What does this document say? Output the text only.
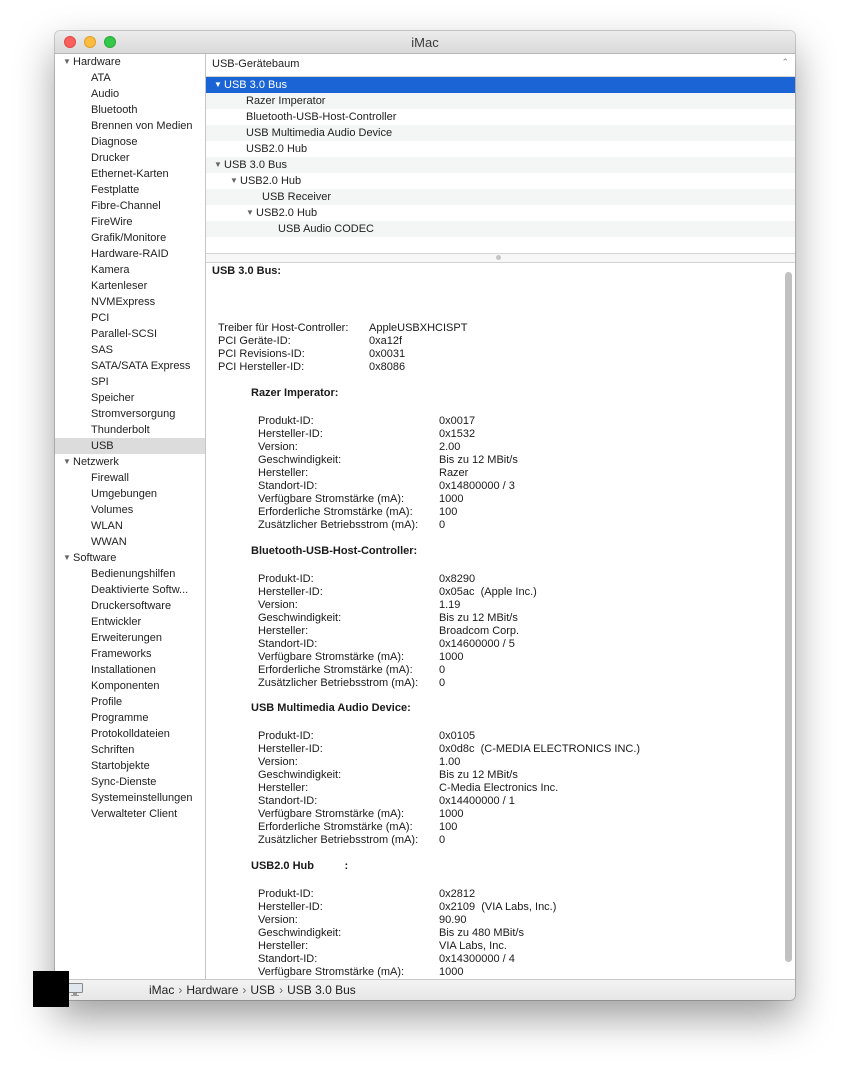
iMac
▼ Hardware
ATA
Audio
Bluetooth
Brennen von Medien
Diagnose
Drucker
Ethernet-Karten
Festplatte
Fibre-Channel
FireWire
Grafik/Monitore
Hardware-RAID
Kamera
Kartenleser
NVMExpress
PCI
Parallel-SCSI
SAS
SATA/SATA Express
SPI
Speicher
Stromversorgung
Thunderbolt
USB
▼ Netzwerk
Firewall
Umgebungen
Volumes
WLAN
WWAN
▼ Software
Bedienungshilfen
Deaktivierte Softw...
Druckersoftware
Entwickler
Erweiterungen
Frameworks
Installationen
Komponenten
Profile
Programme
Protokolldateien
Schriften
Startobjekte
Sync-Dienste
Systemeinstellungen
Verwalteter Client
USB-Gerätebaum	⌃
▼ USB 3.0 Bus
Razer Imperator
Bluetooth-USB-Host-Controller
USB Multimedia Audio Device
USB2.0 Hub
▼ USB 3.0 Bus
▼ USB2.0 Hub
USB Receiver
▼ USB2.0 Hub
USB Audio CODEC
USB 3.0 Bus:
Treiber für Host-Controller:	AppleUSBXHCISPT
PCI Geräte-ID:	0xa12f
PCI Revisions-ID:	0x0031
PCI Hersteller-ID:	0x8086
Razer Imperator:
Produkt-ID:	0x0017
Hersteller-ID:	0x1532
Version:	2.00
Geschwindigkeit:	Bis zu 12 MBit/s
Hersteller:	Razer
Standort-ID:	0x14800000 / 3
Verfügbare Stromstärke (mA):	1000
Erforderliche Stromstärke (mA):	100
Zusätzlicher Betriebsstrom (mA):	0
Bluetooth-USB-Host-Controller:
Produkt-ID:	0x8290
Hersteller-ID:	0x05ac  (Apple Inc.)
Version:	1.19
Geschwindigkeit:	Bis zu 12 MBit/s
Hersteller:	Broadcom Corp.
Standort-ID:	0x14600000 / 5
Verfügbare Stromstärke (mA):	1000
Erforderliche Stromstärke (mA):	0
Zusätzlicher Betriebsstrom (mA):	0
USB Multimedia Audio Device:
Produkt-ID:	0x0105
Hersteller-ID:	0x0d8c  (C-MEDIA ELECTRONICS INC.)
Version:	1.00
Geschwindigkeit:	Bis zu 12 MBit/s
Hersteller:	C-Media Electronics Inc.
Standort-ID:	0x14400000 / 1
Verfügbare Stromstärke (mA):	1000
Erforderliche Stromstärke (mA):	100
Zusätzlicher Betriebsstrom (mA):	0
USB2.0 Hub          :
Produkt-ID:	0x2812
Hersteller-ID:	0x2109  (VIA Labs, Inc.)
Version:	90.90
Geschwindigkeit:	Bis zu 480 MBit/s
Hersteller:	VIA Labs, Inc.
Standort-ID:	0x14300000 / 4
Verfügbare Stromstärke (mA):	1000

iMac › Hardware › USB › USB 3.0 Bus
